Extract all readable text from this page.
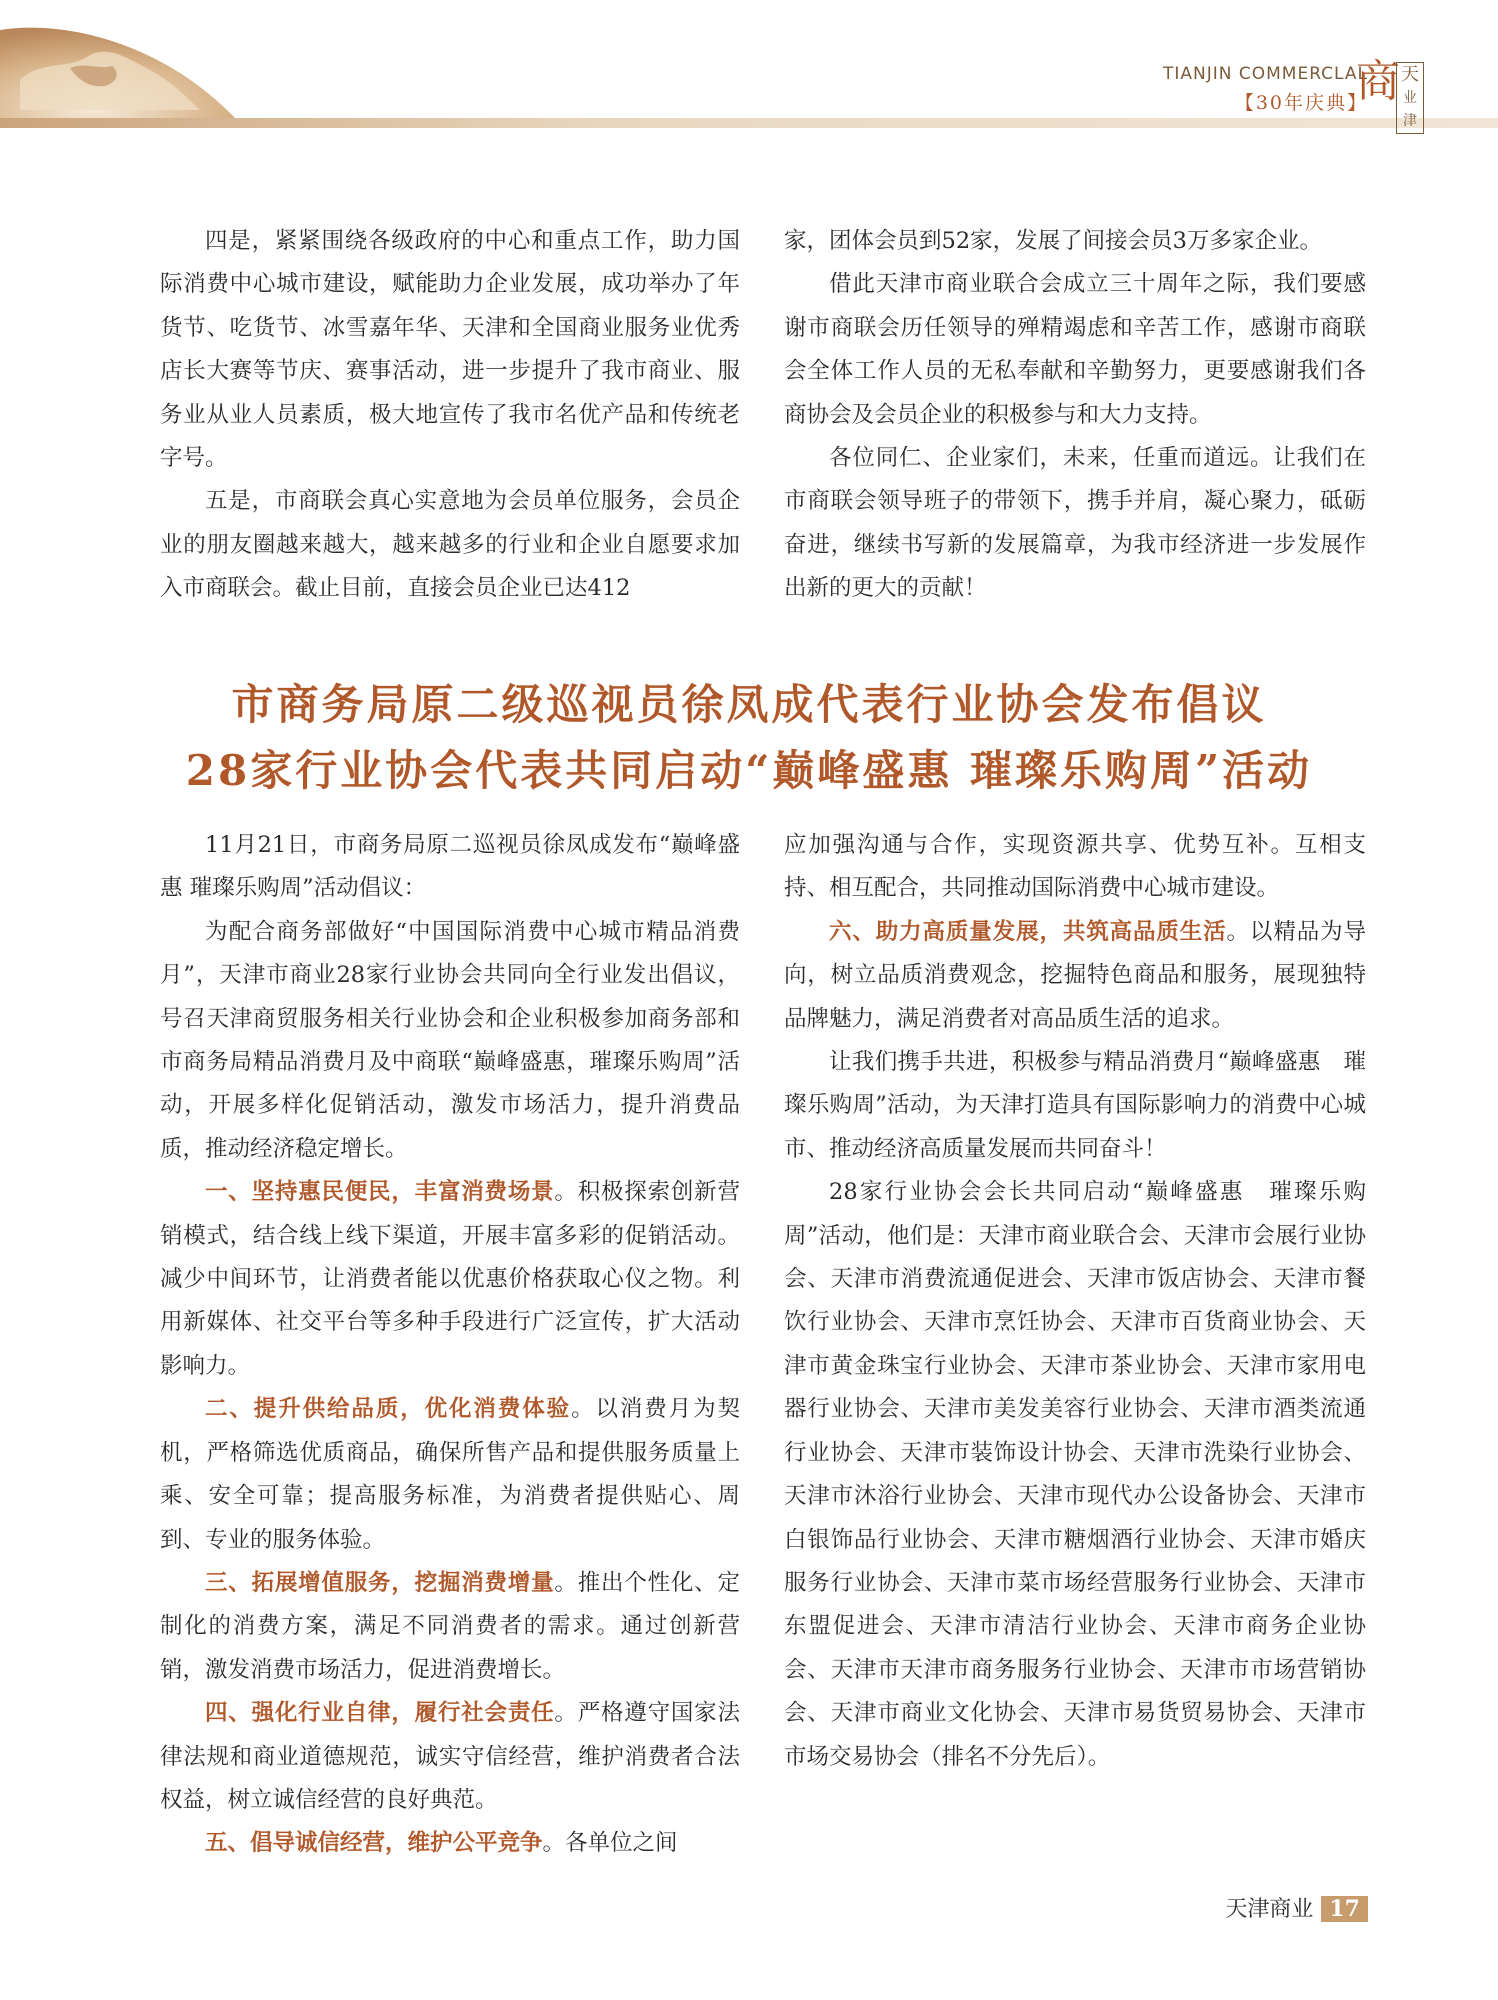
TIANJIN COMMERCLAL
【30年庆典】
商 天
业津

四是，紧紧围绕各级政府的中心和重点工作，助力国际消费中心城市建设，赋能助力企业发展，成功举办了年货节、吃货节、冰雪嘉年华、天津和全国商业服务业优秀店长大赛等节庆、赛事活动，进一步提升了我市商业、服务业从业人员素质，极大地宣传了我市名优产品和传统老字号。

五是，市商联会真心实意地为会员单位服务，会员企业的朋友圈越来越大，越来越多的行业和企业自愿要求加入市商联会。截止目前，直接会员企业已达412

家，团体会员到52家，发展了间接会员3万多家企业。

借此天津市商业联合会成立三十周年之际，我们要感谢市商联会历任领导的殚精竭虑和辛苦工作，感谢市商联会全体工作人员的无私奉献和辛勤努力，更要感谢我们各商协会及会员企业的积极参与和大力支持。

各位同仁、企业家们，未来，任重而道远。让我们在市商联会领导班子的带领下，携手并肩，凝心聚力，砥砺奋进，继续书写新的发展篇章，为我市经济进一步发展作出新的更大的贡献！

市商务局原二级巡视员徐凤成代表行业协会发布倡议
28家行业协会代表共同启动“巅峰盛惠 璀璨乐购周”活动

11月21日，市商务局原二巡视员徐凤成发布“巅峰盛惠 璀璨乐购周”活动倡议：

为配合商务部做好“中国国际消费中心城市精品消费月”，天津市商业28家行业协会共同向全行业发出倡议，号召天津商贸服务相关行业协会和企业积极参加商务部和市商务局精品消费月及中商联“巅峰盛惠，璀璨乐购周”活动，开展多样化促销活动，激发市场活力，提升消费品质，推动经济稳定增长。

一、坚持惠民便民，丰富消费场景。积极探索创新营销模式，结合线上线下渠道，开展丰富多彩的促销活动。减少中间环节，让消费者能以优惠价格获取心仪之物。利用新媒体、社交平台等多种手段进行广泛宣传，扩大活动影响力。

二、提升供给品质，优化消费体验。以消费月为契机，严格筛选优质商品，确保所售产品和提供服务质量上乘、安全可靠；提高服务标准，为消费者提供贴心、周到、专业的服务体验。

三、拓展增值服务，挖掘消费增量。推出个性化、定制化的消费方案，满足不同消费者的需求。通过创新营销，激发消费市场活力，促进消费增长。

四、强化行业自律，履行社会责任。严格遵守国家法律法规和商业道德规范，诚实守信经营，维护消费者合法权益，树立诚信经营的良好典范。

五、倡导诚信经营，维护公平竞争。各单位之间

应加强沟通与合作，实现资源共享、优势互补。互相支持、相互配合，共同推动国际消费中心城市建设。

六、助力高质量发展，共筑高品质生活。以精品为导向，树立品质消费观念，挖掘特色商品和服务，展现独特品牌魅力，满足消费者对高品质生活的追求。

让我们携手共进，积极参与精品消费月“巅峰盛惠　璀璨乐购周”活动，为天津打造具有国际影响力的消费中心城市、推动经济高质量发展而共同奋斗！

28家行业协会会长共同启动“巅峰盛惠　璀璨乐购周”活动，他们是：天津市商业联合会、天津市会展行业协会、天津市消费流通促进会、天津市饭店协会、天津市餐饮行业协会、天津市烹饪协会、天津市百货商业协会、天津市黄金珠宝行业协会、天津市茶业协会、天津市家用电器行业协会、天津市美发美容行业协会、天津市酒类流通行业协会、天津市装饰设计协会、天津市洗染行业协会、天津市沐浴行业协会、天津市现代办公设备协会、天津市白银饰品行业协会、天津市糖烟酒行业协会、天津市婚庆服务行业协会、天津市菜市场经营服务行业协会、天津市东盟促进会、天津市清洁行业协会、天津市商务企业协会、天津市天津市商务服务行业协会、天津市市场营销协会、天津市商业文化协会、天津市易货贸易协会、天津市市场交易协会（排名不分先后）。

天津商业 17
